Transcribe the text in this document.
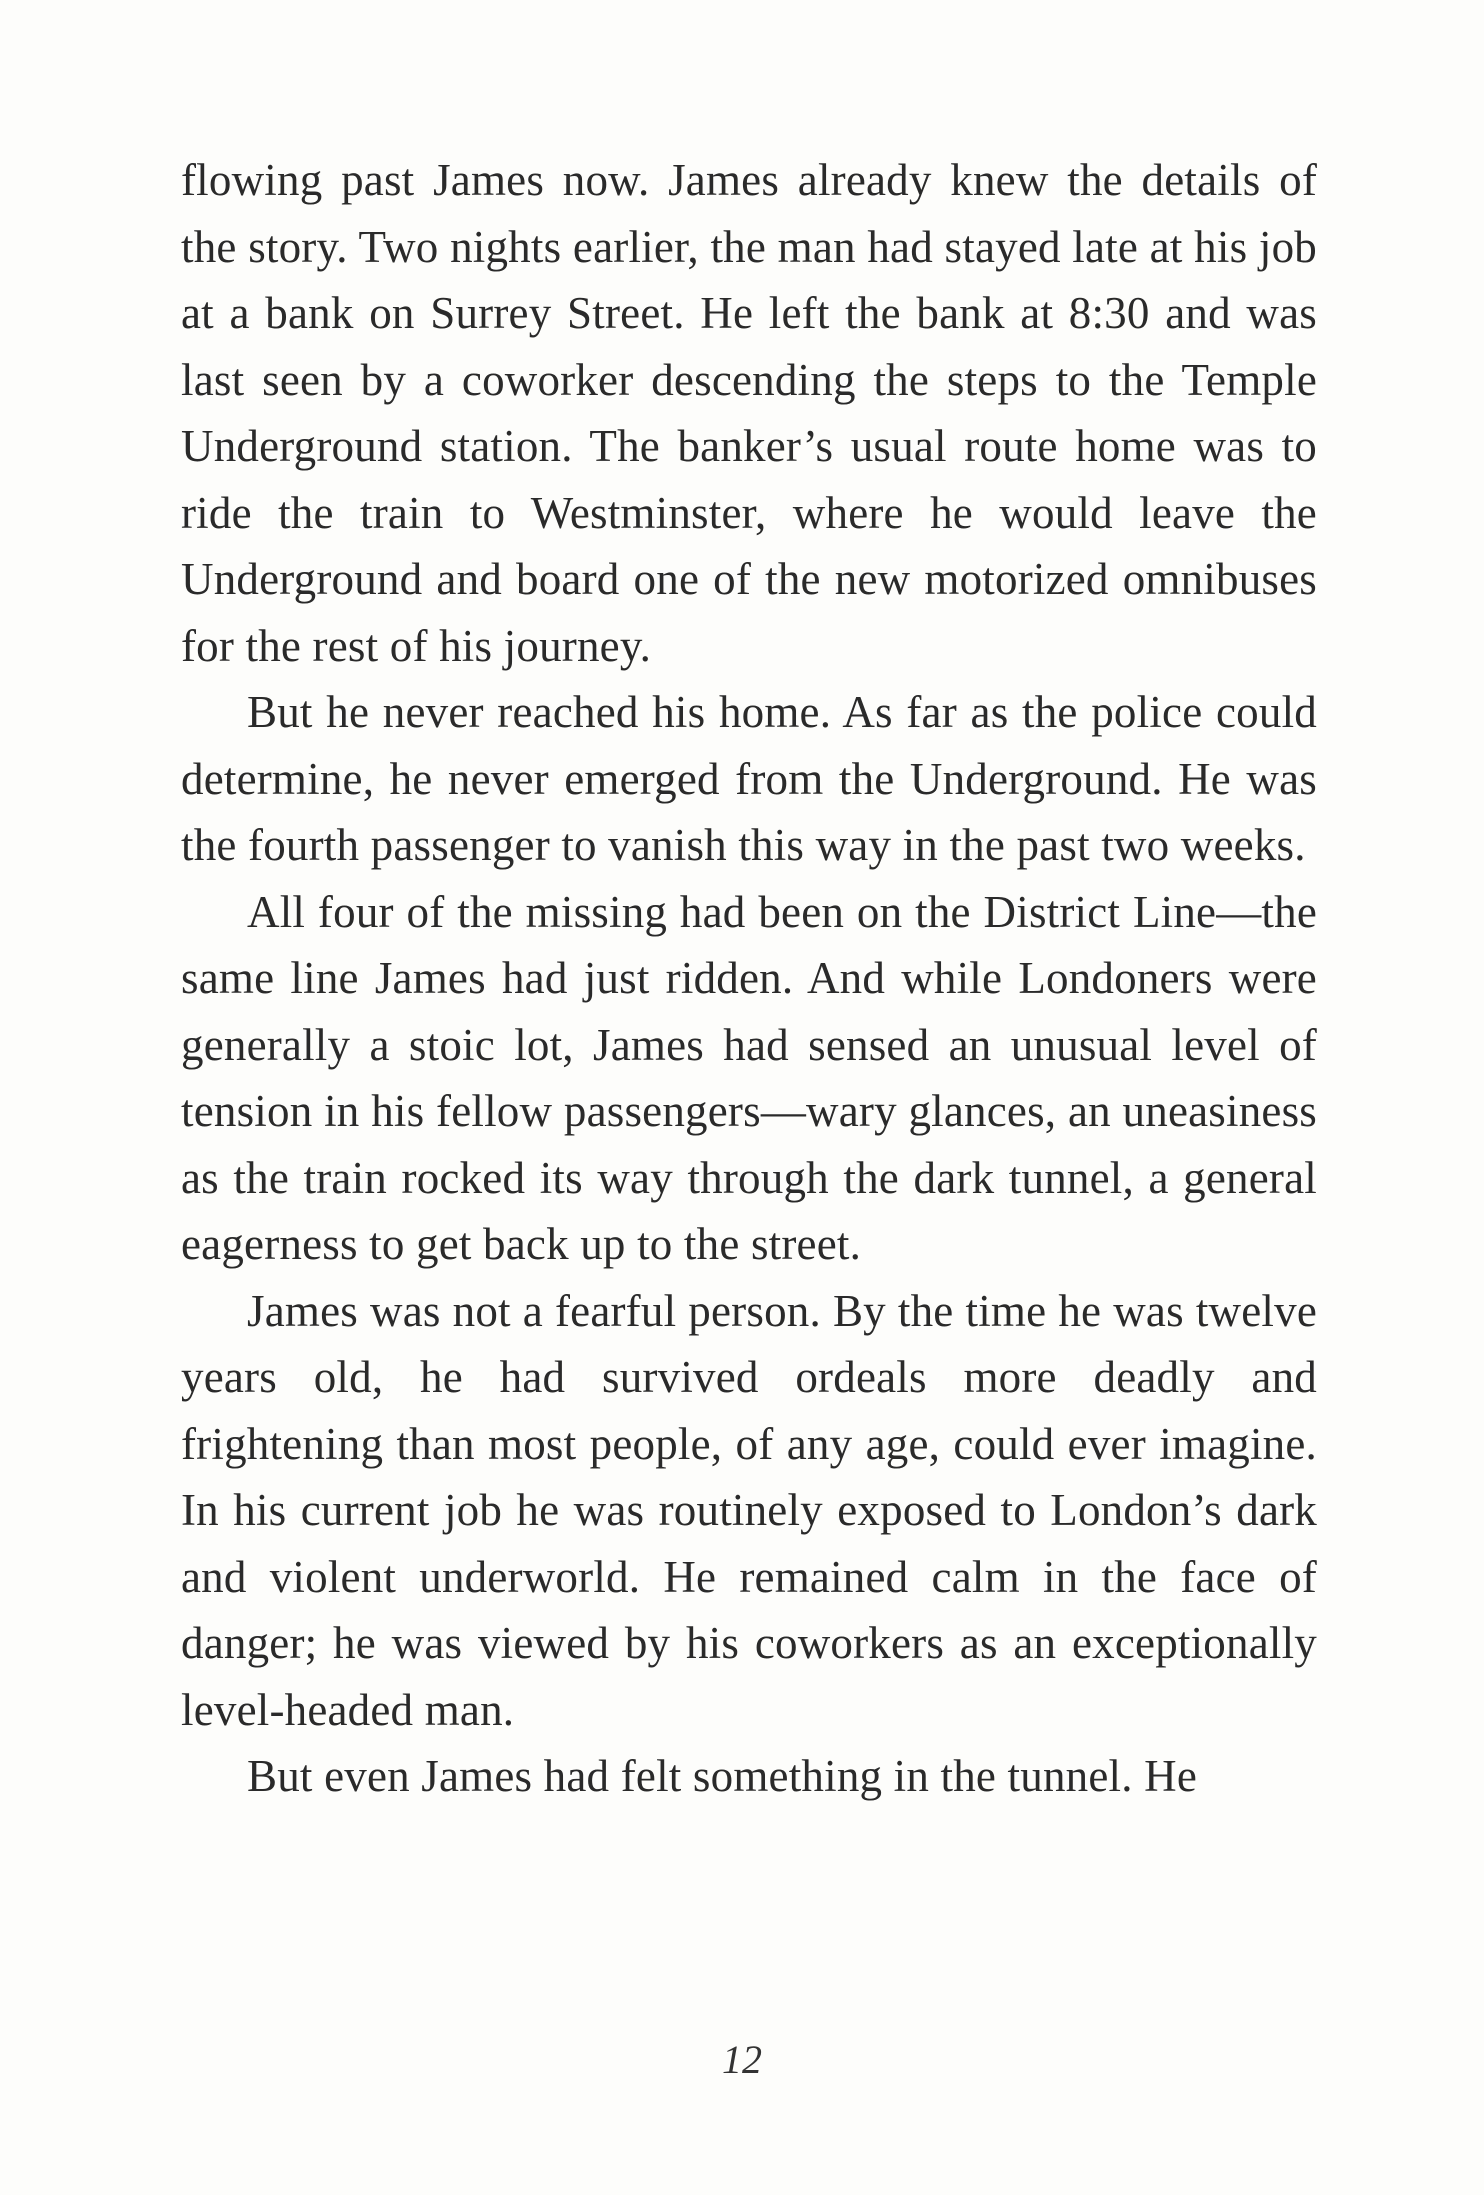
flowing past James now. James already knew the details of the story. Two nights earlier, the man had stayed late at his job at a bank on Surrey Street. He left the bank at 8:30 and was last seen by a coworker descending the steps to the Temple Underground station. The banker’s usual route home was to ride the train to Westminster, where he would leave the Underground and board one of the new motorized omnibuses for the rest of his journey.

But he never reached his home. As far as the police could determine, he never emerged from the Underground. He was the fourth passenger to vanish this way in the past two weeks.

All four of the missing had been on the District Line—the same line James had just ridden. And while Londoners were generally a stoic lot, James had sensed an unusual level of tension in his fellow passengers—wary glances, an uneasiness as the train rocked its way through the dark tunnel, a general eagerness to get back up to the street.

James was not a fearful person. By the time he was twelve years old, he had survived ordeals more deadly and frightening than most people, of any age, could ever imagine. In his current job he was routinely exposed to London’s dark and violent underworld. He remained calm in the face of danger; he was viewed by his coworkers as an exceptionally level-headed man.

But even James had felt something in the tunnel. He

12
